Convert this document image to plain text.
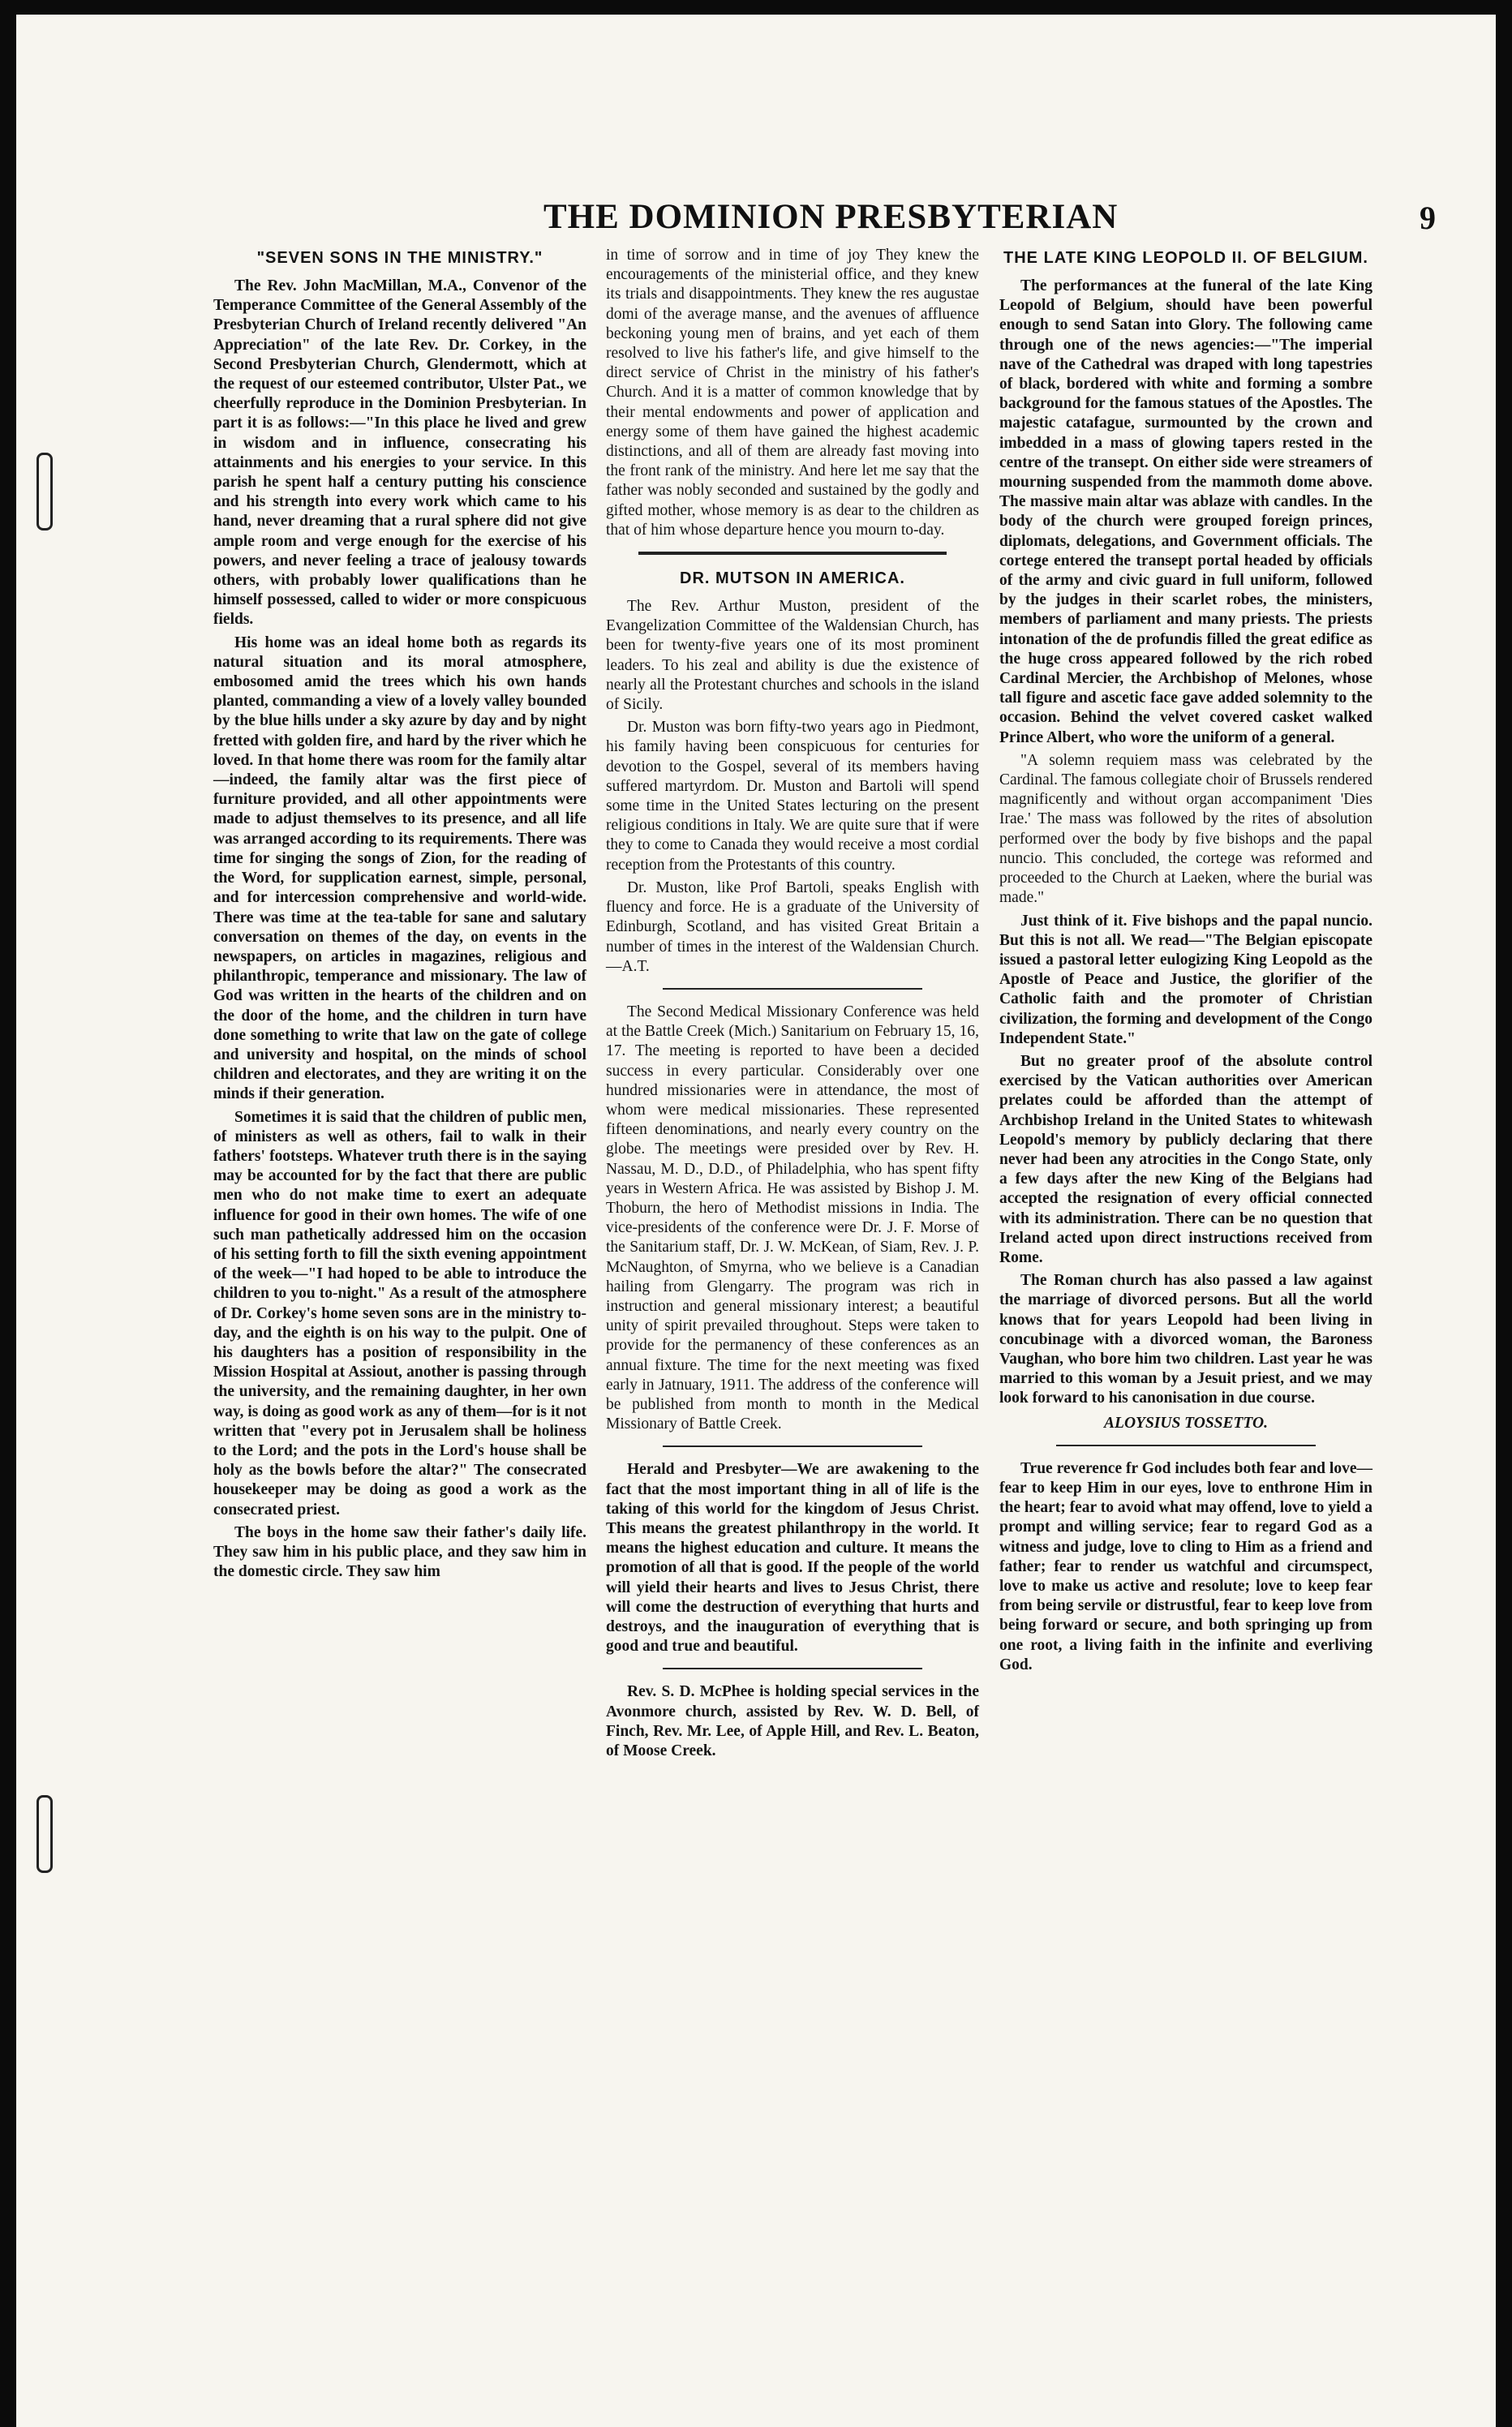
THE DOMINION PRESBYTERIAN	9
"SEVEN SONS IN THE MINISTRY."

The Rev. John MacMillan, M.A., Convenor of the Temperance Committee of the General Assembly of the Presbyterian Church of Ireland recently delivered "An Appreciation" of the late Rev. Dr. Corkey, in the Second Presbyterian Church, Glendermott, which at the request of our esteemed contributor, Ulster Pat., we cheerfully reproduce in the Dominion Presbyterian. In part it is as follows:—"In this place he lived and grew in wisdom and in influence, consecrating his attainments and his energies to your service. In this parish he spent half a century putting his conscience and his strength into every work which came to his hand, never dreaming that a rural sphere did not give ample room and verge enough for the exercise of his powers, and never feeling a trace of jealousy towards others, with probably lower qualifications than he himself possessed, called to wider or more conspicuous fields.

His home was an ideal home both as regards its natural situation and its moral atmosphere, embosomed amid the trees which his own hands planted, commanding a view of a lovely valley bounded by the blue hills under a sky azure by day and by night fretted with golden fire, and hard by the river which he loved. In that home there was room for the family altar—indeed, the family altar was the first piece of furniture provided, and all other appointments were made to adjust themselves to its presence, and all life was arranged according to its requirements. There was time for singing the songs of Zion, for the reading of the Word, for supplication earnest, simple, personal, and for intercession comprehensive and world-wide. There was time at the tea-table for sane and salutary conversation on themes of the day, on events in the newspapers, on articles in magazines, religious and philanthropic, temperance and missionary. The law of God was written in the hearts of the children and on the door of the home, and the children in turn have done something to write that law on the gate of college and university and hospital, on the minds of school children and electorates, and they are writing it on the minds if their generation.

Sometimes it is said that the children of public men, of ministers as well as others, fail to walk in their fathers' footsteps. Whatever truth there is in the saying may be accounted for by the fact that there are public men who do not make time to exert an adequate influence for good in their own homes. The wife of one such man pathetically addressed him on the occasion of his setting forth to fill the sixth evening appointment of the week—"I had hoped to be able to introduce the children to you to-night." As a result of the atmosphere of Dr. Corkey's home seven sons are in the ministry to-day, and the eighth is on his way to the pulpit. One of his daughters has a position of responsibility in the Mission Hospital at Assiout, another is passing through the university, and the remaining daughter, in her own way, is doing as good work as any of them—for is it not written that "every pot in Jerusalem shall be holiness to the Lord; and the pots in the Lord's house shall be holy as the bowls before the altar?" The consecrated housekeeper may be doing as good a work as the consecrated priest.

The boys in the home saw their father's daily life. They saw him in his public place, and they saw him in the domestic circle. They saw him

in time of sorrow and in time of joy They knew the encouragements of the ministerial office, and they knew its trials and disappointments. They knew the res augustae domi of the average manse, and the avenues of affluence beckoning young men of brains, and yet each of them resolved to live his father's life, and give himself to the direct service of Christ in the ministry of his father's Church. And it is a matter of common knowledge that by their mental endowments and power of application and energy some of them have gained the highest academic distinctions, and all of them are already fast moving into the front rank of the ministry. And here let me say that the father was nobly seconded and sustained by the godly and gifted mother, whose memory is as dear to the children as that of him whose departure hence you mourn to-day.

DR. MUTSON IN AMERICA.

The Rev. Arthur Muston, president of the Evangelization Committee of the Waldensian Church, has been for twenty-five years one of its most prominent leaders. To his zeal and ability is due the existence of nearly all the Protestant churches and schools in the island of Sicily.

Dr. Muston was born fifty-two years ago in Piedmont, his family having been conspicuous for centuries for devotion to the Gospel, several of its members having suffered martyrdom. Dr. Muston and Bartoli will spend some time in the United States lecturing on the present religious conditions in Italy. We are quite sure that if were they to come to Canada they would receive a most cordial reception from the Protestants of this country.

Dr. Muston, like Prof Bartoli, speaks English with fluency and force. He is a graduate of the University of Edinburgh, Scotland, and has visited Great Britain a number of times in the interest of the Waldensian Church.—A.T.

The Second Medical Missionary Conference was held at the Battle Creek (Mich.) Sanitarium on February 15, 16, 17. The meeting is reported to have been a decided success in every particular. Considerably over one hundred missionaries were in attendance, the most of whom were medical missionaries. These represented fifteen denominations, and nearly every country on the globe. The meetings were presided over by Rev. H. Nassau, M. D., D.D., of Philadelphia, who has spent fifty years in Western Africa. He was assisted by Bishop J. M. Thoburn, the hero of Methodist missions in India. The vice-presidents of the conference were Dr. J. F. Morse of the Sanitarium staff, Dr. J. W. McKean, of Siam, Rev. J. P. McNaughton, of Smyrna, who we believe is a Canadian hailing from Glengarry. The program was rich in instruction and general missionary interest; a beautiful unity of spirit prevailed throughout. Steps were taken to provide for the permanency of these conferences as an annual fixture. The time for the next meeting was fixed early in Jatnuary, 1911. The address of the conference will be published from month to month in the Medical Missionary of Battle Creek.

Herald and Presbyter—We are awakening to the fact that the most important thing in all of life is the taking of this world for the kingdom of Jesus Christ. This means the greatest philanthropy in the world. It means the highest education and culture. It means the promotion of all that is good. If the people of the world will yield their hearts and lives to Jesus Christ, there will come the destruction of everything that hurts and destroys, and the inauguration of everything that is good and true and beautiful.

Rev. S. D. McPhee is holding special services in the Avonmore church, assisted by Rev. W. D. Bell, of Finch, Rev. Mr. Lee, of Apple Hill, and Rev. L. Beaton, of Moose Creek.

THE LATE KING LEOPOLD II. OF BELGIUM.

The performances at the funeral of the late King Leopold of Belgium, should have been powerful enough to send Satan into Glory. The following came through one of the news agencies:—"The imperial nave of the Cathedral was draped with long tapestries of black, bordered with white and forming a sombre background for the famous statues of the Apostles. The majestic catafague, surmounted by the crown and imbedded in a mass of glowing tapers rested in the centre of the transept. On either side were streamers of mourning suspended from the mammoth dome above. The massive main altar was ablaze with candles. In the body of the church were grouped foreign princes, diplomats, delegations, and Government officials. The cortege entered the transept portal headed by officials of the army and civic guard in full uniform, followed by the judges in their scarlet robes, the ministers, members of parliament and many priests. The priests intonation of the de profundis filled the great edifice as the huge cross appeared followed by the rich robed Cardinal Mercier, the Archbishop of Melones, whose tall figure and ascetic face gave added solemnity to the occasion. Behind the velvet covered casket walked Prince Albert, who wore the uniform of a general.

"A solemn requiem mass was celebrated by the Cardinal. The famous collegiate choir of Brussels rendered magnificently and without organ accompaniment 'Dies Irae.' The mass was followed by the rites of absolution performed over the body by five bishops and the papal nuncio. This concluded, the cortege was reformed and proceeded to the Church at Laeken, where the burial was made."

Just think of it. Five bishops and the papal nuncio. But this is not all. We read—"The Belgian episcopate issued a pastoral letter eulogizing King Leopold as the Apostle of Peace and Justice, the glorifier of the Catholic faith and the promoter of Christian civilization, the forming and development of the Congo Independent State."

But no greater proof of the absolute control exercised by the Vatican authorities over American prelates could be afforded than the attempt of Archbishop Ireland in the United States to whitewash Leopold's memory by publicly declaring that there never had been any atrocities in the Congo State, only a few days after the new King of the Belgians had accepted the resignation of every official connected with its administration. There can be no question that Ireland acted upon direct instructions received from Rome.

The Roman church has also passed a law against the marriage of divorced persons. But all the world knows that for years Leopold had been living in concubinage with a divorced woman, the Baroness Vaughan, who bore him two children. Last year he was married to this woman by a Jesuit priest, and we may look forward to his canonisation in due course.

ALOYSIUS TOSSETTO.

True reverence fr God includes both fear and love—fear to keep Him in our eyes, love to enthrone Him in the heart; fear to avoid what may offend, love to yield a prompt and willing service; fear to regard God as a witness and judge, love to cling to Him as a friend and father; fear to render us watchful and circumspect, love to make us active and resolute; love to keep fear from being servile or distrustful, fear to keep love from being forward or secure, and both springing up from one root, a living faith in the infinite and everliving God.
